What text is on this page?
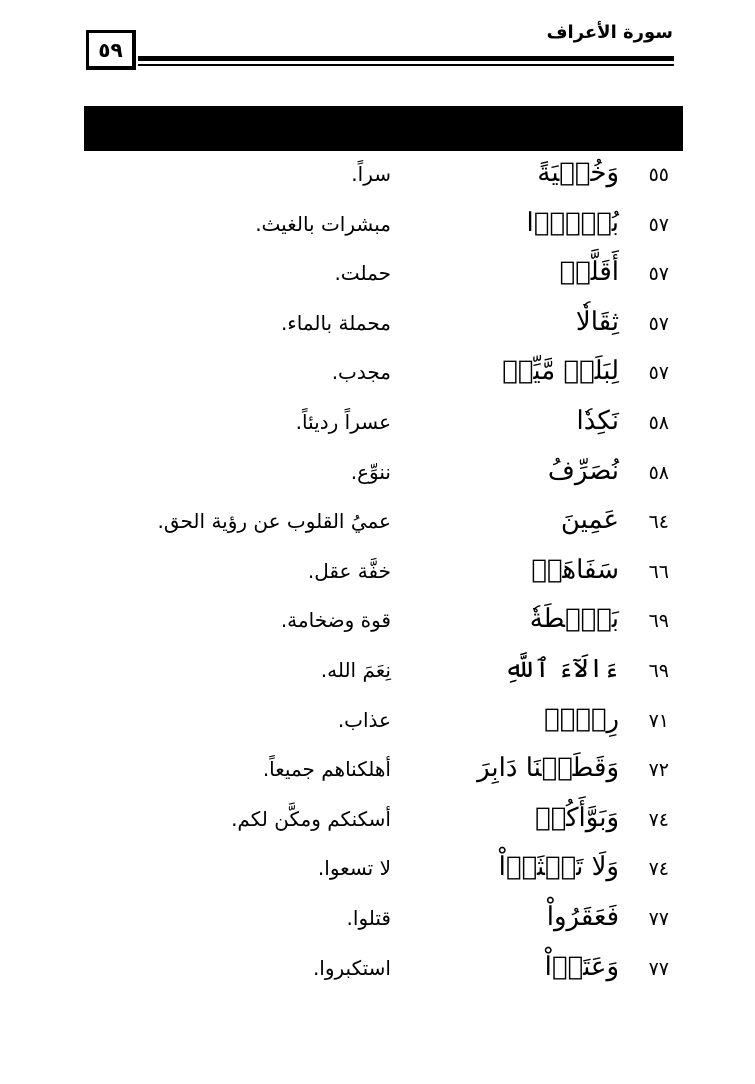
٥٩
سورة الأعراف
٥٥
وَخُفۡيَةً
سراً.
٥٧
بُشۡرَۢا
مبشرات بالغيث.
٥٧
أَقَلَّتۡ
حملت.
٥٧
ثِقَالٗا
محملة بالماء.
٥٧
لِبَلَدٖ مَّيِّتٖ
مجدب.
٥٨
نَكِدٗا
عسراً رديئاً.
٥٨
نُصَرِّفُ
ننوِّع.
٦٤
عَمِينَ
عميُ القلوب عن رؤية الحق.
٦٦
سَفَاهَةٖ
خفَّة عقل.
٦٩
بَصۜۡطَةٗ
قوة وضخامة.
٦٩
ءَالَآءَ ٱللَّهِ
نِعَمَ الله.
٧١
رِجۡسٞ
عذاب.
٧٢
وَقَطَعۡنَا دَابِرَ
أهلكناهم جميعاً.
٧٤
وَبَوَّأَكُمۡ
أسكنكم ومكَّن لكم.
٧٤
وَلَا تَعۡثَوۡاْ
لا تسعوا.
٧٧
فَعَقَرُواْ
قتلوا.
٧٧
وَعَتَوۡاْ
استكبروا.
